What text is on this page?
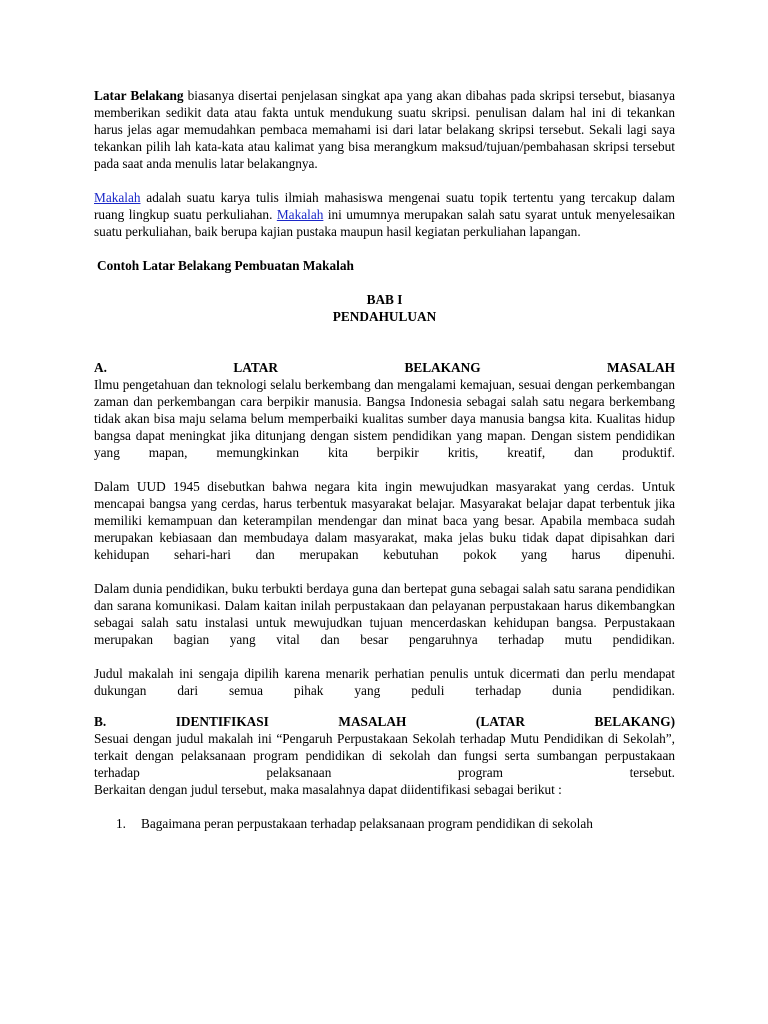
Latar Belakang biasanya disertai penjelasan singkat apa yang akan dibahas pada skripsi tersebut, biasanya memberikan sedikit data atau fakta untuk mendukung suatu skripsi. penulisan dalam hal ini di tekankan harus jelas agar memudahkan pembaca memahami isi dari latar belakang skripsi tersebut. Sekali lagi saya tekankan pilih lah kata-kata atau kalimat yang bisa merangkum maksud/tujuan/pembahasan skripsi tersebut pada saat anda menulis latar belakangnya.

Makalah adalah suatu karya tulis ilmiah mahasiswa mengenai suatu topik tertentu yang tercakup dalam ruang lingkup suatu perkuliahan. Makalah ini umumnya merupakan salah satu syarat untuk menyelesaikan suatu perkuliahan, baik berupa kajian pustaka maupun hasil kegiatan perkuliahan lapangan.

Contoh Latar Belakang Pembuatan Makalah

BAB I

PENDAHULUAN

A.	LATAR	BELAKANG	MASALAH

Ilmu pengetahuan dan teknologi selalu berkembang dan mengalami kemajuan, sesuai dengan perkembangan zaman dan perkembangan cara berpikir manusia. Bangsa Indonesia sebagai salah satu negara berkembang tidak akan bisa maju selama belum memperbaiki kualitas sumber daya manusia bangsa kita. Kualitas hidup bangsa dapat meningkat jika ditunjang dengan sistem pendidikan yang mapan. Dengan sistem pendidikan yang mapan, memungkinkan kita berpikir kritis, kreatif, dan produktif.

Dalam UUD 1945 disebutkan bahwa negara kita ingin mewujudkan masyarakat yang cerdas. Untuk mencapai bangsa yang cerdas, harus terbentuk masyarakat belajar. Masyarakat belajar dapat terbentuk jika memiliki kemampuan dan keterampilan mendengar dan minat baca yang besar. Apabila membaca sudah merupakan kebiasaan dan membudaya dalam masyarakat, maka jelas buku tidak dapat dipisahkan dari kehidupan sehari-hari dan merupakan kebutuhan pokok yang harus dipenuhi.

Dalam dunia pendidikan, buku terbukti berdaya guna dan bertepat guna sebagai salah satu sarana pendidikan dan sarana komunikasi. Dalam kaitan inilah perpustakaan dan pelayanan perpustakaan harus dikembangkan sebagai salah satu instalasi untuk mewujudkan tujuan mencerdaskan kehidupan bangsa. Perpustakaan merupakan bagian yang vital dan besar pengaruhnya terhadap mutu pendidikan.

Judul makalah ini sengaja dipilih karena menarik perhatian penulis untuk dicermati dan perlu mendapat dukungan dari semua pihak yang peduli terhadap dunia pendidikan.

B.	IDENTIFIKASI	MASALAH	(LATAR	BELAKANG)

Sesuai dengan judul makalah ini “Pengaruh Perpustakaan Sekolah terhadap Mutu Pendidikan di Sekolah”, terkait dengan pelaksanaan program pendidikan di sekolah dan fungsi serta sumbangan perpustakaan terhadap pelaksanaan program tersebut.

Berkaitan dengan judul tersebut, maka masalahnya dapat diidentifikasi sebagai berikut :

1.	Bagaimana peran perpustakaan terhadap pelaksanaan program pendidikan di sekolah
